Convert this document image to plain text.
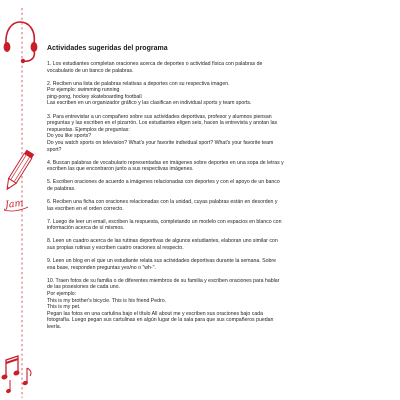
Jam
Actividades sugeridas del programa
1. Los estudiantes completan oraciones acerca de deportes o actividad física con palabras de
vocabulario de un banco de palabras.
2. Reciben una lista de palabras relativas a deportes con su respectiva imagen.
Por ejemplo: swimming running
ping-pong, hockey skateboarding football
Las escriben en un organizador gráfico y las clasifican en individual sports y team sports.
3. Para entrevistar a un compañero sobre sus actividades deportivas, profesor y alumnos piensan
preguntas y las escriben en el pizarrón. Los estudiantes eligen seis, hacen la entrevista y anotan las
respuestas. Ejemplos de preguntas:
Do you like sports?
Do you watch sports on television? What's your favorite individual sport? What's your favorite team
sport?
4. Buscan palabras de vocabulario representadas en imágenes sobre deportes en una sopa de letras y
escriben las que encontraron junto a sus respectivas imágenes.
5. Escriben oraciones de acuerdo a imágenes relacionadas con deportes y con el apoyo de un banco
de palabras.
6. Reciben una ficha con oraciones relacionadas con la unidad, cuyas palabras están en desorden y
las escriben en el orden correcto.
7. Luego de leer un email, escriben la respuesta, completando un modelo con espacios en blanco con
información acerca de sí mismos.
8. Leen un cuadro acerca de las rutinas deportivas de algunos estudiantes, elaboran uno similar con
sus propias rutinas y escriben cuatro oraciones al respecto.
9. Leen un blog en el que un estudiante relata sus actividades deportivas durante la semana. Sobre
esa base, responden preguntas yes/no o "wh-".
10. Traen fotos de su familia o de diferentes miembros de su familia y escriben oraciones para hablar
de las posesiones de cada uno.
Por ejemplo:
This is my brother's bicycle. This is his friend Pedro.
This is my pet.
Pegan las fotos en una cartulina bajo el título All about me y escriben sus oraciones bajo cada
fotografía. Luego pegan sus cartulinas en algún lugar de la sala para que sus compañeros puedan
leerla.
